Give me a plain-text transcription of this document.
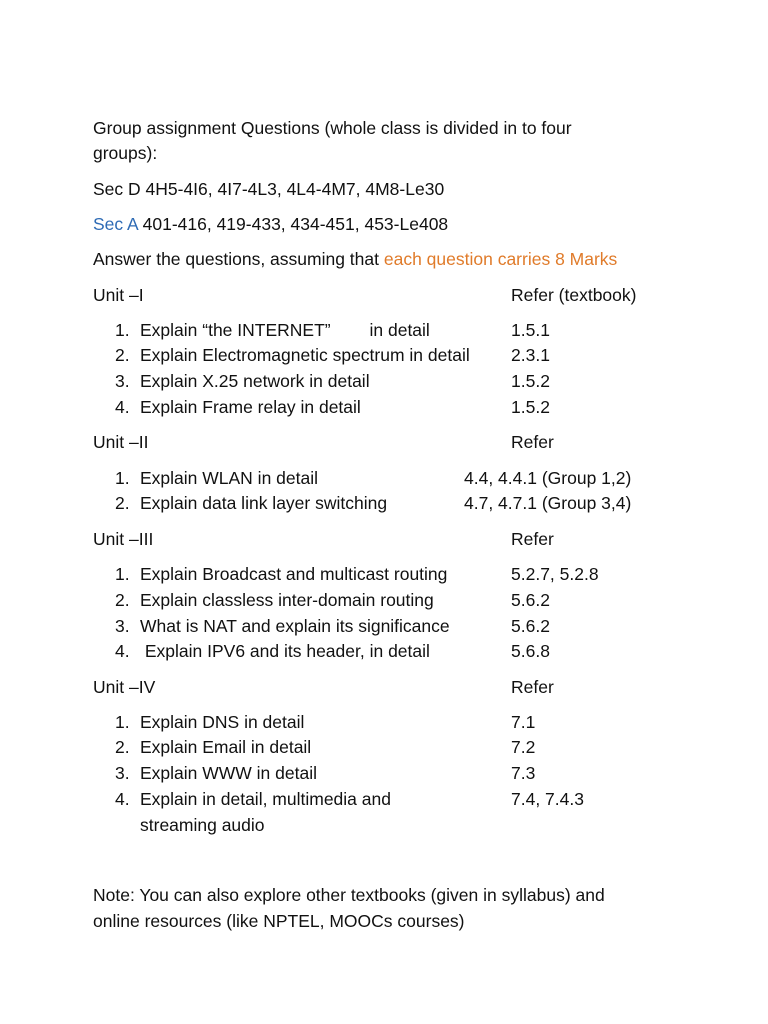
Group assignment Questions (whole class is divided in to four
groups):
Sec D 4H5-4I6, 4I7-4L3, 4L4-4M7, 4M8-Le30
Sec A 401-416, 419-433, 434-451, 453-Le408
Answer the questions, assuming that each question carries 8 Marks
Unit –I	Refer (textbook)
1. Explain “the INTERNET”        in detail	1.5.1
2. Explain Electromagnetic spectrum in detail 2.3.1
3. Explain X.25 network in detail	1.5.2
4. Explain Frame relay in detail	1.5.2
Unit –II	Refer
1. Explain WLAN in detail	4.4, 4.4.1 (Group 1,2)
2. Explain data link layer switching	4.7, 4.7.1 (Group 3,4)
Unit –III	Refer
1. Explain Broadcast and multicast routing	5.2.7, 5.2.8
2. Explain classless inter-domain routing	5.6.2
3. What is NAT and explain its significance	5.6.2
4. Explain IPV6 and its header, in detail	5.6.8
Unit –IV	Refer
1. Explain DNS in detail	7.1
2. Explain Email in detail	7.2
3. Explain WWW in detail	7.3
4. Explain in detail, multimedia and	7.4, 7.4.3
streaming audio
Note: You can also explore other textbooks (given in syllabus) and
online resources (like NPTEL, MOOCs courses)
